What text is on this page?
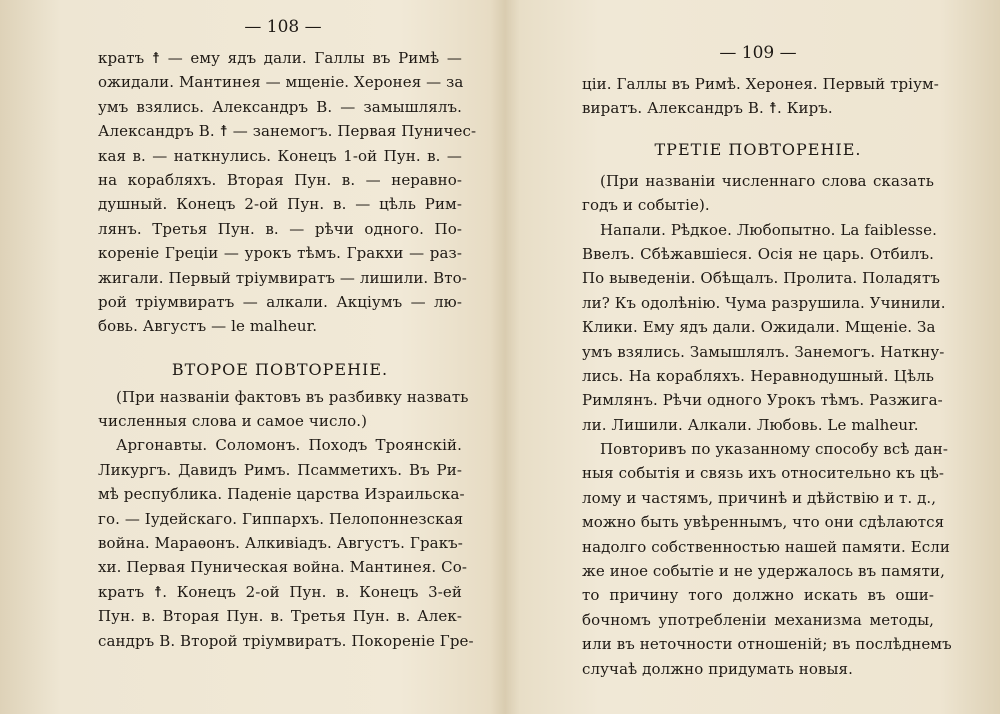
— 108 —
кратъ ☨ — ему ядъ дали. Галлы въ Римѣ —
ожидали. Мантинея — мщеніе. Херонея — за
умъ взялись. Александръ В. — замышлялъ.
Александръ В. ☨ — занемогъ. Первая Пуничес-
кая в. — наткнулись. Конецъ 1-ой Пун. в. —
на корабляхъ. Вторая Пун. в. — неравно-
душный. Конецъ 2-ой Пун. в. — цѣль Рим-
лянъ. Третья Пун. в. — рѣчи одного. По-
кореніе Греціи — урокъ тѣмъ. Гракхи — раз-
жигали. Первый тріумвиратъ — лишили. Вто-
рой тріумвиратъ — алкали. Акціумъ — лю-
бовь. Августъ — le malheur.
ВТОРОЕ ПОВТОРЕНІЕ.
(При названіи фактовъ въ разбивку назвать
численныя слова и самое число.)
Аргонавты. Соломонъ. Походъ Троянскій.
Ликургъ. Давидъ Римъ. Псамметихъ. Въ Ри-
мѣ республика. Паденіе царства Израильска-
го. — Іудейскаго. Гиппархъ. Пелопоннезская
война. Мараѳонъ. Алкивіадъ. Августъ. Гракъ-
хи. Первая Пуническая война. Мантинея. Со-
кратъ ☨. Конецъ 2-ой Пун. в. Конецъ 3-ей
Пун. в. Вторая Пун. в. Третья Пун. в. Алек-
сандръ В. Второй тріумвиратъ. Покореніе Гре-
— 109 —
ціи. Галлы въ Римѣ. Херонея. Первый тріум-
виратъ. Александръ В. ☨. Киръ.
ТРЕТІЕ ПОВТОРЕНІЕ.
(При названіи численнаго слова сказать
годъ и событіе).
Напали. Рѣдкое. Любопытно. La faiblesse.
Ввелъ. Сбѣжавшіеся. Осія не царь. Отбилъ.
По выведеніи. Обѣщалъ. Пролита. Поладятъ
ли? Къ одолѣнію. Чума разрушила. Учинили.
Клики. Ему ядъ дали. Ожидали. Мщеніе. За
умъ взялись. Замышлялъ. Занемогъ. Наткну-
лись. На корабляхъ. Неравнодушный. Цѣль
Римлянъ. Рѣчи одного Урокъ тѣмъ. Разжига-
ли. Лишили. Алкали. Любовь. Le malheur.
Повторивъ по указанному способу всѣ дан-
ныя событія и связь ихъ относительно къ цѣ-
лому и частямъ, причинѣ и дѣйствію и т. д.,
можно быть увѣреннымъ, что они сдѣлаются
надолго собственностью нашей памяти. Если
же иное событіе и не удержалось въ памяти,
то причину того должно искать въ оши-
бочномъ употребленіи механизма методы,
или въ неточности отношеній; въ послѣднемъ
случаѣ должно придумать новыя.
